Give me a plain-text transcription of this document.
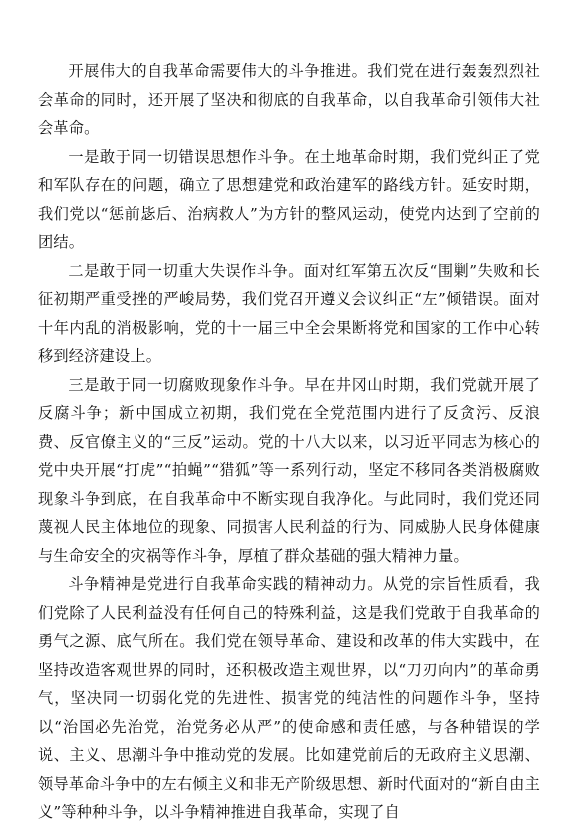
开展伟大的自我革命需要伟大的斗争推进。我们党在进行轰轰烈烈社会革命的同时，还开展了坚决和彻底的自我革命，以自我革命引领伟大社会革命。

一是敢于同一切错误思想作斗争。在土地革命时期，我们党纠正了党和军队存在的问题，确立了思想建党和政治建军的路线方针。延安时期，我们党以“惩前毖后、治病救人”为方针的整风运动，使党内达到了空前的团结。

二是敢于同一切重大失误作斗争。面对红军第五次反“围剿”失败和长征初期严重受挫的严峻局势，我们党召开遵义会议纠正“左”倾错误。面对十年内乱的消极影响，党的十一届三中全会果断将党和国家的工作中心转移到经济建设上。

三是敢于同一切腐败现象作斗争。早在井冈山时期，我们党就开展了反腐斗争；新中国成立初期，我们党在全党范围内进行了反贪污、反浪费、反官僚主义的“三反”运动。党的十八大以来，以习近平同志为核心的党中央开展“打虎”“拍蝇”“猎狐”等一系列行动，坚定不移同各类消极腐败现象斗争到底，在自我革命中不断实现自我净化。与此同时，我们党还同蔑视人民主体地位的现象、同损害人民利益的行为、同威胁人民身体健康与生命安全的灾祸等作斗争，厚植了群众基础的强大精神力量。

斗争精神是党进行自我革命实践的精神动力。从党的宗旨性质看，我们党除了人民利益没有任何自己的特殊利益，这是我们党敢于自我革命的勇气之源、底气所在。我们党在领导革命、建设和改革的伟大实践中，在坚持改造客观世界的同时，还积极改造主观世界，以“刀刃向内”的革命勇气，坚决同一切弱化党的先进性、损害党的纯洁性的问题作斗争，坚持以“治国必先治党，治党务必从严”的使命感和责任感，与各种错误的学说、主义、思潮斗争中推动党的发展。比如建党前后的无政府主义思潮、领导革命斗争中的左右倾主义和非无产阶级思想、新时代面对的“新自由主义”等种种斗争，以斗争精神推进自我革命，实现了自
